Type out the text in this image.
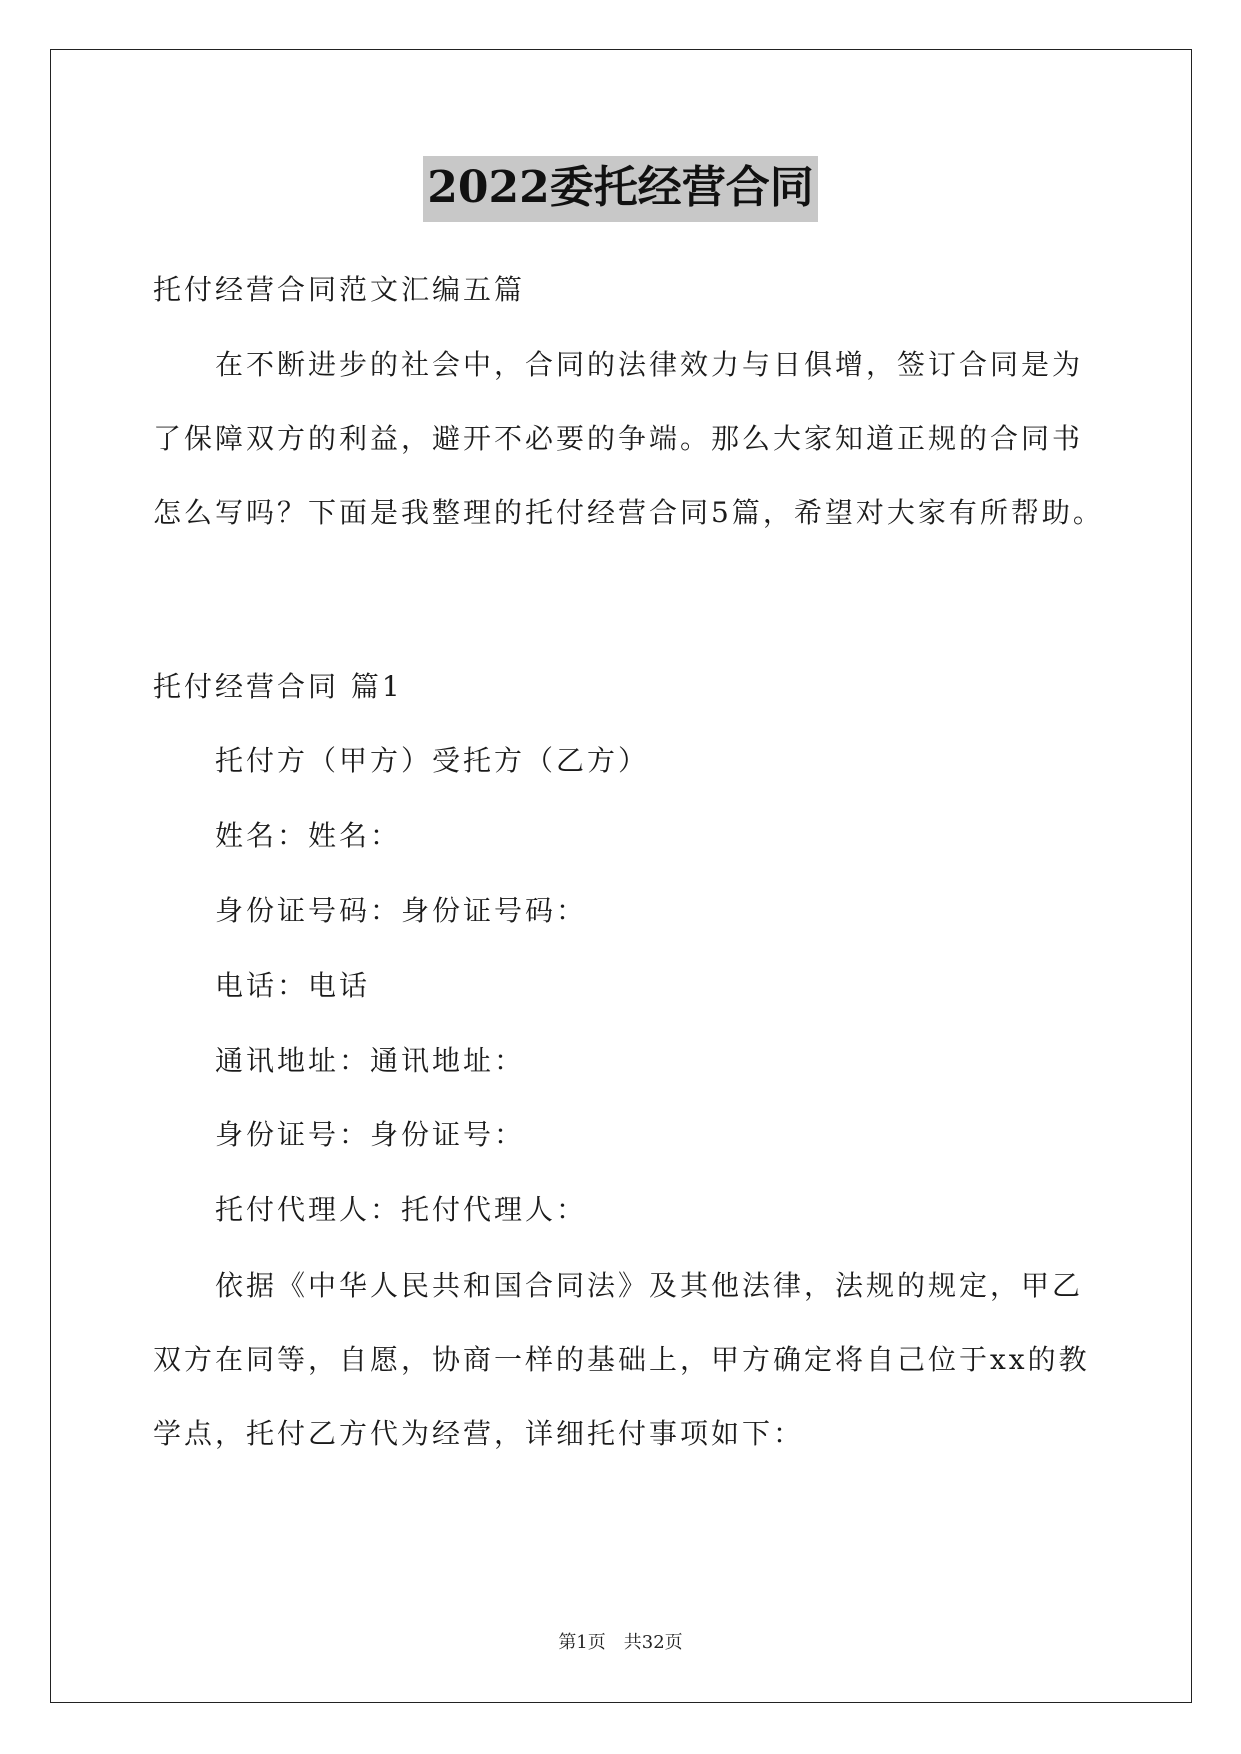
2022委托经营合同
托付经营合同范文汇编五篇
在不断进步的社会中，合同的法律效力与日俱增，签订合同是为
了保障双方的利益，避开不必要的争端。那么大家知道正规的合同书
怎么写吗？下面是我整理的托付经营合同5篇，希望对大家有所帮助。
托付经营合同 篇1
托付方（甲方）受托方（乙方）
姓名：姓名：
身份证号码：身份证号码：
电话：电话
通讯地址：通讯地址：
身份证号：身份证号：
托付代理人：托付代理人：
依据《中华人民共和国合同法》及其他法律，法规的规定，甲乙
双方在同等，自愿，协商一样的基础上，甲方确定将自己位于xx的教
学点，托付乙方代为经营，详细托付事项如下：
第1页　共32页
